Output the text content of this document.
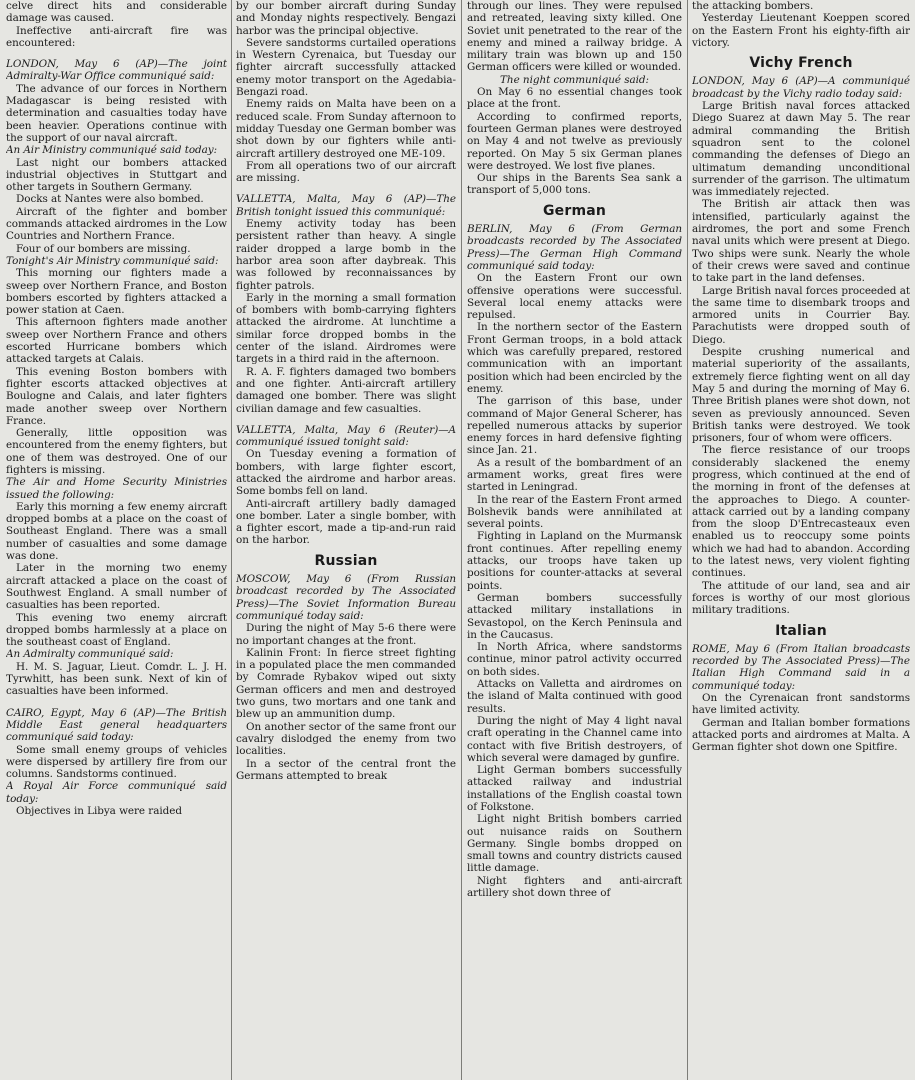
celve direct hits and considerable damage was caused.

Ineffective anti-aircraft fire was encountered:

LONDON, May 6 (AP)—The joint Admiralty-War Office communiqué said:

The advance of our forces in Northern Madagascar is being resisted with determination and casualties today have been heavier. Operations continue with the support of our naval aircraft.

An Air Ministry communiqué said today:

Last night our bombers attacked industrial objectives in Stuttgart and other targets in Southern Germany.

Docks at Nantes were also bombed.

Aircraft of the fighter and bomber commands attacked airdromes in the Low Countries and Northern France.

Four of our bombers are missing.

Tonight's Air Ministry communiqué said:

This morning our fighters made a sweep over Northern France, and Boston bombers escorted by fighters attacked a power station at Caen.

This afternoon fighters made another sweep over Northern France and others escorted Hurricane bombers which attacked targets at Calais.

This evening Boston bombers with fighter escorts attacked objectives at Boulogne and Calais, and later fighters made another sweep over Northern France.

Generally, little opposition was encountered from the enemy fighters, but one of them was destroyed. One of our fighters is missing.

The Air and Home Security Ministries issued the following:

Early this morning a few enemy aircraft dropped bombs at a place on the coast of Southeast England. There was a small number of casualties and some damage was done.

Later in the morning two enemy aircraft attacked a place on the coast of Southwest England. A small number of casualties has been reported.

This evening two enemy aircraft dropped bombs harmlessly at a place on the southeast coast of England.

An Admiralty communiqué said:

H. M. S. Jaguar, Lieut. Comdr. L. J. H. Tyrwhitt, has been sunk. Next of kin of casualties have been informed.

CAIRO, Egypt, May 6 (AP)—The British Middle East general headquarters communiqué said today:

Some small enemy groups of vehicles were dispersed by artillery fire from our columns. Sandstorms continued.

A Royal Air Force communiqué said today:

Objectives in Libya were raided

by our bomber aircraft during Sunday and Monday nights respectively. Bengazi harbor was the principal objective.

Severe sandstorms curtailed operations in Western Cyrenaica, but Tuesday our fighter aircraft successfully attacked enemy motor transport on the Agedabia-Bengazi road.

Enemy raids on Malta have been on a reduced scale. From Sunday afternoon to midday Tuesday one German bomber was shot down by our fighters while anti-aircraft artillery destroyed one ME-109.

From all operations two of our aircraft are missing.

VALLETTA, Malta, May 6 (AP)—The British tonight issued this communiqué:

Enemy activity today has been persistent rather than heavy. A single raider dropped a large bomb in the harbor area soon after daybreak. This was followed by reconnaissances by fighter patrols.

Early in the morning a small formation of bombers with bomb-carrying fighters attacked the airdrome. At lunchtime a similar force dropped bombs in the center of the island. Airdromes were targets in a third raid in the afternoon.

R. A. F. fighters damaged two bombers and one fighter. Anti-aircraft artillery damaged one bomber. There was slight civilian damage and few casualties.

VALLETTA, Malta, May 6 (Reuter)—A communiqué issued tonight said:

On Tuesday evening a formation of bombers, with large fighter escort, attacked the airdrome and harbor areas. Some bombs fell on land.

Anti-aircraft artillery badly damaged one bomber. Later a single bomber, with a fighter escort, made a tip-and-run raid on the harbor.

Russian

MOSCOW, May 6 (From Russian broadcast recorded by The Associated Press)—The Soviet Information Bureau communiqué today said:

During the night of May 5-6 there were no important changes at the front.

Kalinin Front: In fierce street fighting in a populated place the men commanded by Comrade Rybakov wiped out sixty German officers and men and destroyed two guns, two mortars and one tank and blew up an ammunition dump.

On another sector of the same front our cavalry dislodged the enemy from two localities.

In a sector of the central front the Germans attempted to break

through our lines. They were repulsed and retreated, leaving sixty killed. One Soviet unit penetrated to the rear of the enemy and mined a railway bridge. A military train was blown up and 150 German officers were killed or wounded.

The night communiqué said:

On May 6 no essential changes took place at the front.

According to confirmed reports, fourteen German planes were destroyed on May 4 and not twelve as previously reported. On May 5 six German planes were destroyed. We lost five planes.

Our ships in the Barents Sea sank a transport of 5,000 tons.

German

BERLIN, May 6 (From German broadcasts recorded by The Associated Press)—The German High Command communiqué said today:

On the Eastern Front our own offensive operations were successful. Several local enemy attacks were repulsed.

In the northern sector of the Eastern Front German troops, in a bold attack which was carefully prepared, restored communication with an important position which had been encircled by the enemy.

The garrison of this base, under command of Major General Scherer, has repelled numerous attacks by superior enemy forces in hard defensive fighting since Jan. 21.

As a result of the bombardment of an armament works, great fires were started in Leningrad.

In the rear of the Eastern Front armed Bolshevik bands were annihilated at several points.

Fighting in Lapland on the Murmansk front continues. After repelling enemy attacks, our troops have taken up positions for counter-attacks at several points.

German bombers successfully attacked military installations in Sevastopol, on the Kerch Peninsula and in the Caucasus.

In North Africa, where sandstorms continue, minor patrol activity occurred on both sides.

Attacks on Valletta and airdromes on the island of Malta continued with good results.

During the night of May 4 light naval craft operating in the Channel came into contact with five British destroyers, of which several were damaged by gunfire.

Light German bombers successfully attacked railway and industrial installations of the English coastal town of Folkstone.

Light night British bombers carried out nuisance raids on Southern Germany. Single bombs dropped on small towns and country districts caused little damage.

Night fighters and anti-aircraft artillery shot down three of

the attacking bombers.

Yesterday Lieutenant Koeppen scored on the Eastern Front his eighty-fifth air victory.

Vichy French

LONDON, May 6 (AP)—A communiqué broadcast by the Vichy radio today said:

Large British naval forces attacked Diego Suarez at dawn May 5. The rear admiral commanding the British squadron sent to the colonel commanding the defenses of Diego an ultimatum demanding unconditional surrender of the garrison. The ultimatum was immediately rejected.

The British air attack then was intensified, particularly against the airdromes, the port and some French naval units which were present at Diego. Two ships were sunk. Nearly the whole of their crews were saved and continue to take part in the land defenses.

Large British naval forces proceeded at the same time to disembark troops and armored units in Courrier Bay. Parachutists were dropped south of Diego.

Despite crushing numerical and material superiority of the assailants, extremely fierce fighting went on all day May 5 and during the morning of May 6. Three British planes were shot down, not seven as previously announced. Seven British tanks were destroyed. We took prisoners, four of whom were officers.

The fierce resistance of our troops considerably slackened the enemy progress, which continued at the end of the morning in front of the defenses at the approaches to Diego. A counter-attack carried out by a landing company from the sloop D'Entrecasteaux even enabled us to reoccupy some points which we had had to abandon. According to the latest news, very violent fighting continues.

The attitude of our land, sea and air forces is worthy of our most glorious military traditions.

Italian

ROME, May 6 (From Italian broadcasts recorded by The Associated Press)—The Italian High Command said in a communiqué today:

On the Cyrenaican front sandstorms have limited activity.

German and Italian bomber formations attacked ports and airdromes at Malta. A German fighter shot down one Spitfire.
